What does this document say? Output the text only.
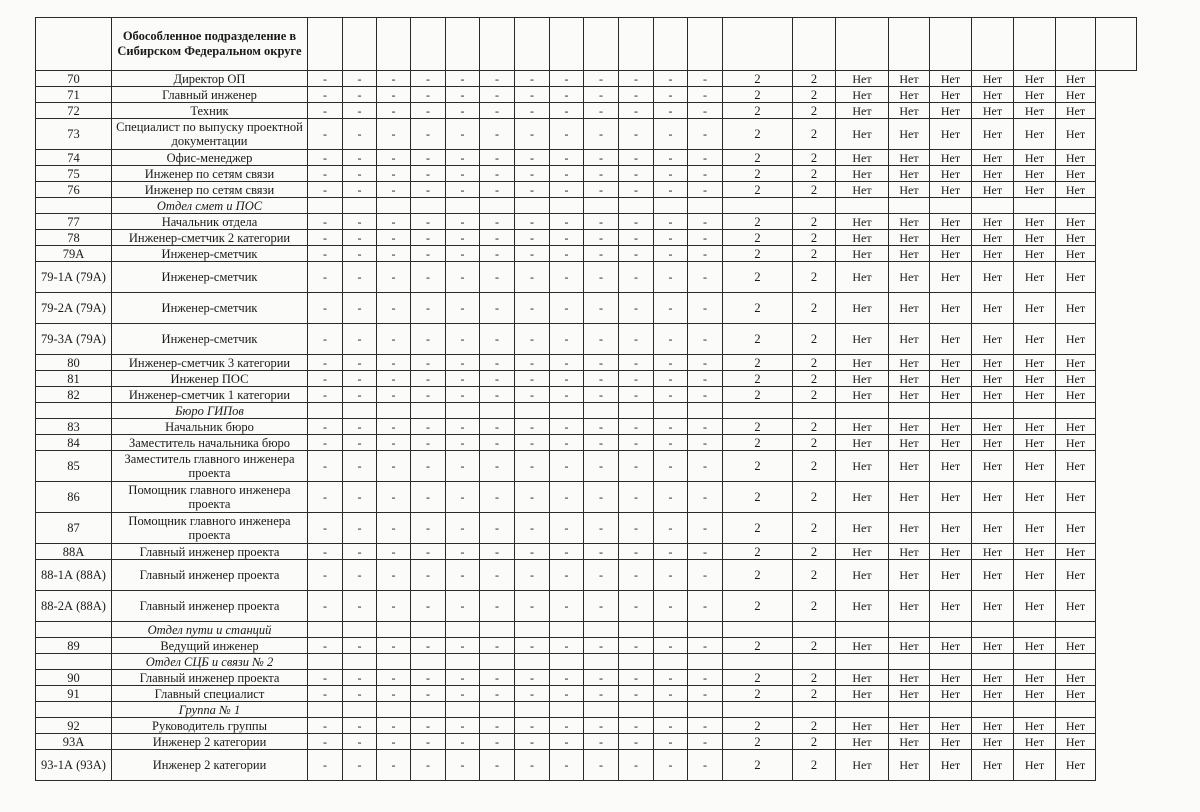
	Обособленное подразделение в Сибирском Федеральном округе																					
70	Директор ОП	-	-	-	-	-	-	-	-	-	-	-	-	2	2	Нет	Нет	Нет	Нет	Нет	Нет	
71	Главный инженер	-	-	-	-	-	-	-	-	-	-	-	-	2	2	Нет	Нет	Нет	Нет	Нет	Нет	
72	Техник	-	-	-	-	-	-	-	-	-	-	-	-	2	2	Нет	Нет	Нет	Нет	Нет	Нет	
73	Специалист по выпуску проектной документации	-	-	-	-	-	-	-	-	-	-	-	-	2	2	Нет	Нет	Нет	Нет	Нет	Нет	
74	Офис-менеджер	-	-	-	-	-	-	-	-	-	-	-	-	2	2	Нет	Нет	Нет	Нет	Нет	Нет	
75	Инженер по сетям связи	-	-	-	-	-	-	-	-	-	-	-	-	2	2	Нет	Нет	Нет	Нет	Нет	Нет	
76	Инженер по сетям связи	-	-	-	-	-	-	-	-	-	-	-	-	2	2	Нет	Нет	Нет	Нет	Нет	Нет	
	Отдел смет и ПОС																					
77	Начальник отдела	-	-	-	-	-	-	-	-	-	-	-	-	2	2	Нет	Нет	Нет	Нет	Нет	Нет	
78	Инженер-сметчик 2 категории	-	-	-	-	-	-	-	-	-	-	-	-	2	2	Нет	Нет	Нет	Нет	Нет	Нет	
79А	Инженер-сметчик	-	-	-	-	-	-	-	-	-	-	-	-	2	2	Нет	Нет	Нет	Нет	Нет	Нет	
79-1А (79А)	Инженер-сметчик	-	-	-	-	-	-	-	-	-	-	-	-	2	2	Нет	Нет	Нет	Нет	Нет	Нет	
79-2А (79А)	Инженер-сметчик	-	-	-	-	-	-	-	-	-	-	-	-	2	2	Нет	Нет	Нет	Нет	Нет	Нет	
79-3А (79А)	Инженер-сметчик	-	-	-	-	-	-	-	-	-	-	-	-	2	2	Нет	Нет	Нет	Нет	Нет	Нет	
80	Инженер-сметчик 3 категории	-	-	-	-	-	-	-	-	-	-	-	-	2	2	Нет	Нет	Нет	Нет	Нет	Нет	
81	Инженер ПОС	-	-	-	-	-	-	-	-	-	-	-	-	2	2	Нет	Нет	Нет	Нет	Нет	Нет	
82	Инженер-сметчик 1 категории	-	-	-	-	-	-	-	-	-	-	-	-	2	2	Нет	Нет	Нет	Нет	Нет	Нет	
	Бюро ГИПов																					
83	Начальник бюро	-	-	-	-	-	-	-	-	-	-	-	-	2	2	Нет	Нет	Нет	Нет	Нет	Нет	
84	Заместитель начальника бюро	-	-	-	-	-	-	-	-	-	-	-	-	2	2	Нет	Нет	Нет	Нет	Нет	Нет	
85	Заместитель главного инженера проекта	-	-	-	-	-	-	-	-	-	-	-	-	2	2	Нет	Нет	Нет	Нет	Нет	Нет	
86	Помощник главного инженера проекта	-	-	-	-	-	-	-	-	-	-	-	-	2	2	Нет	Нет	Нет	Нет	Нет	Нет	
87	Помощник главного инженера проекта	-	-	-	-	-	-	-	-	-	-	-	-	2	2	Нет	Нет	Нет	Нет	Нет	Нет	
88А	Главный инженер проекта	-	-	-	-	-	-	-	-	-	-	-	-	2	2	Нет	Нет	Нет	Нет	Нет	Нет	
88-1А (88А)	Главный инженер проекта	-	-	-	-	-	-	-	-	-	-	-	-	2	2	Нет	Нет	Нет	Нет	Нет	Нет	
88-2А (88А)	Главный инженер проекта	-	-	-	-	-	-	-	-	-	-	-	-	2	2	Нет	Нет	Нет	Нет	Нет	Нет	
	Отдел пути и станций																					
89	Ведущий инженер	-	-	-	-	-	-	-	-	-	-	-	-	2	2	Нет	Нет	Нет	Нет	Нет	Нет	
	Отдел СЦБ и связи № 2																					
90	Главный инженер проекта	-	-	-	-	-	-	-	-	-	-	-	-	2	2	Нет	Нет	Нет	Нет	Нет	Нет	
91	Главный специалист	-	-	-	-	-	-	-	-	-	-	-	-	2	2	Нет	Нет	Нет	Нет	Нет	Нет	
	Группа № 1																					
92	Руководитель группы	-	-	-	-	-	-	-	-	-	-	-	-	2	2	Нет	Нет	Нет	Нет	Нет	Нет	
93А	Инженер 2 категории	-	-	-	-	-	-	-	-	-	-	-	-	2	2	Нет	Нет	Нет	Нет	Нет	Нет	
93-1А (93А)	Инженер 2 категории	-	-	-	-	-	-	-	-	-	-	-	-	2	2	Нет	Нет	Нет	Нет	Нет	Нет	
